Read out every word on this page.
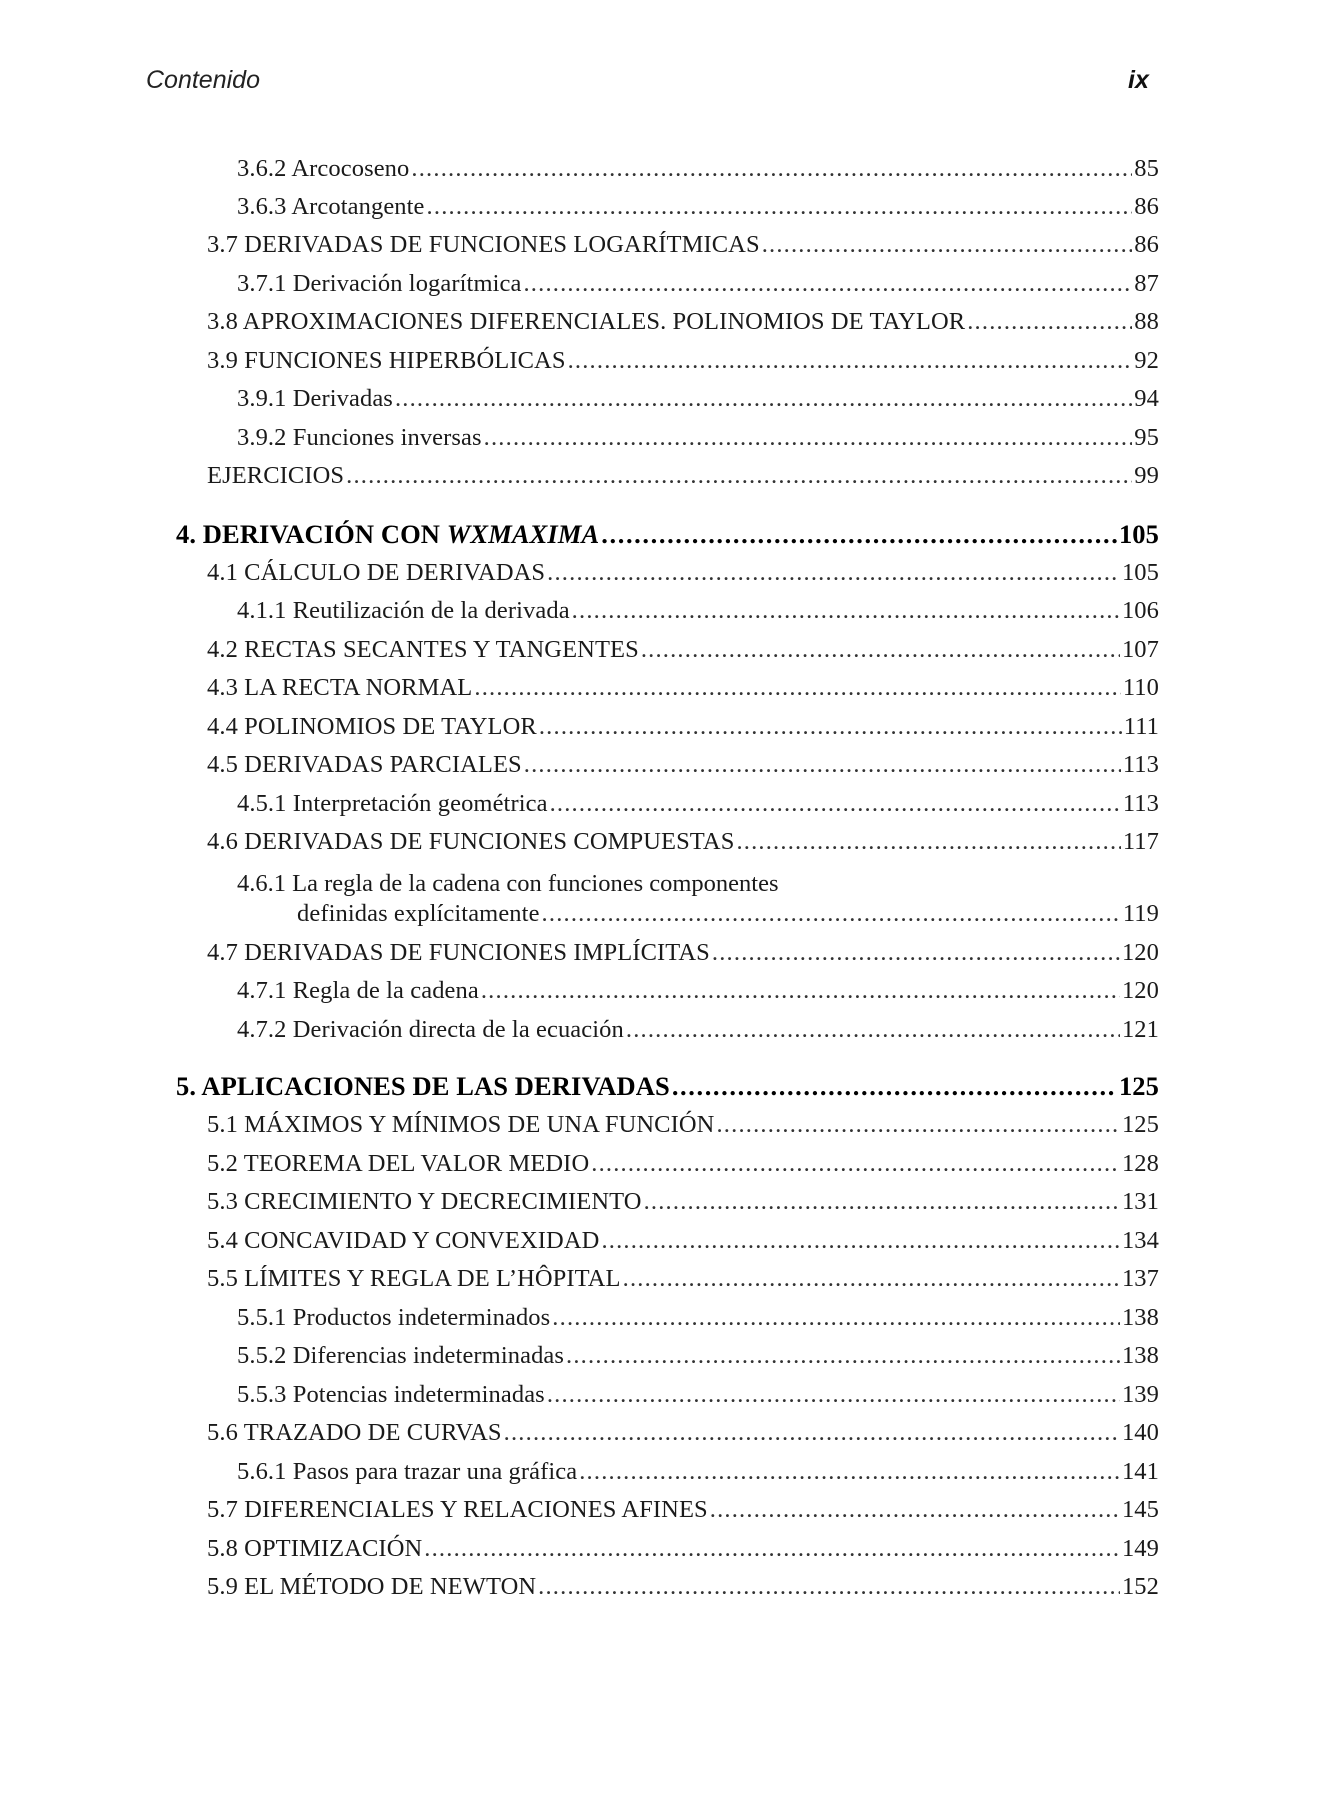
Contenido	ix
3.6.2 Arcocoseno .....	85
3.6.3 Arcotangente .....	86
3.7 DERIVADAS DE FUNCIONES LOGARÍTMICAS .....	86
3.7.1 Derivación logarítmica .....	87
3.8 APROXIMACIONES DIFERENCIALES. POLINOMIOS DE TAYLOR .....	88
3.9 FUNCIONES HIPERBÓLICAS .....	92
3.9.1 Derivadas .....	94
3.9.2 Funciones inversas .....	95
EJERCICIOS .....	99
4. DERIVACIÓN CON WXMAXIMA .....	105
4.1 CÁLCULO DE DERIVADAS .....	105
4.1.1 Reutilización de la derivada .....	106
4.2 RECTAS SECANTES Y TANGENTES .....	107
4.3 LA RECTA NORMAL .....	110
4.4 POLINOMIOS DE TAYLOR .....	111
4.5 DERIVADAS PARCIALES .....	113
4.5.1 Interpretación geométrica .....	113
4.6 DERIVADAS DE FUNCIONES COMPUESTAS .....	117
4.6.1 La regla de la cadena con funciones componentes
definidas explícitamente .....	119
4.7 DERIVADAS DE FUNCIONES IMPLÍCITAS .....	120
4.7.1 Regla de la cadena .....	120
4.7.2 Derivación directa de la ecuación .....	121
5. APLICACIONES DE LAS DERIVADAS .....	125
5.1 MÁXIMOS Y MÍNIMOS DE UNA FUNCIÓN .....	125
5.2 TEOREMA DEL VALOR MEDIO .....	128
5.3 CRECIMIENTO Y DECRECIMIENTO .....	131
5.4 CONCAVIDAD Y CONVEXIDAD .....	134
5.5 LÍMITES Y REGLA DE L’HÔPITAL .....	137
5.5.1 Productos indeterminados .....	138
5.5.2 Diferencias indeterminadas .....	138
5.5.3 Potencias indeterminadas .....	139
5.6 TRAZADO DE CURVAS .....	140
5.6.1 Pasos para trazar una gráfica .....	141
5.7 DIFERENCIALES Y RELACIONES AFINES .....	145
5.8 OPTIMIZACIÓN .....	149
5.9 EL MÉTODO DE NEWTON .....	152
